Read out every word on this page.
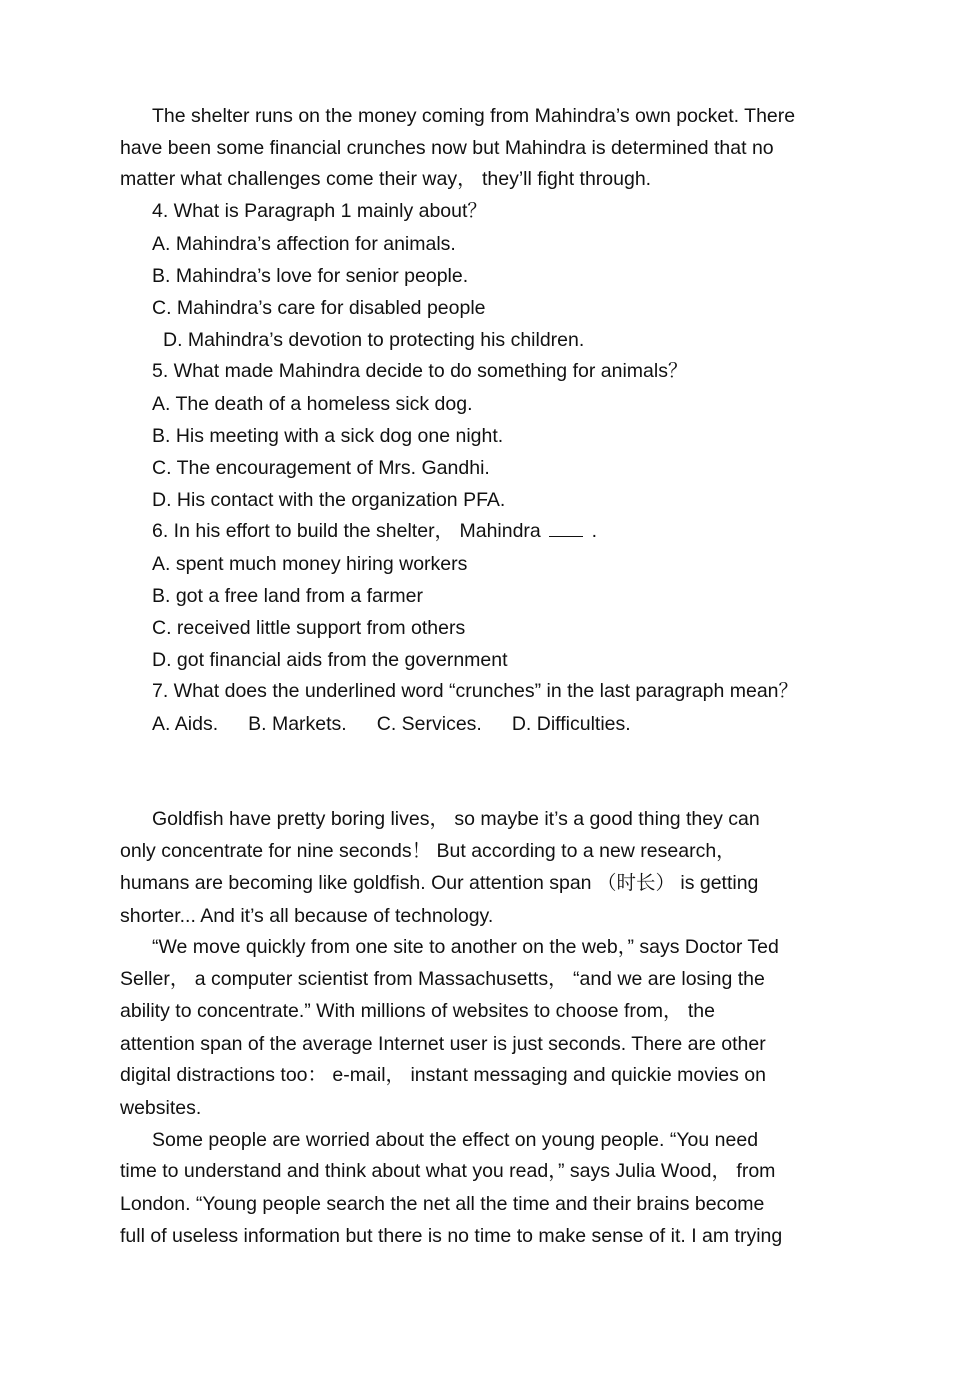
The shelter runs on the money coming from Mahindra’s own pocket. There
have been some financial crunches now but Mahindra is determined that no
matter what challenges come their way， they’ll fight through.
4. What is Paragraph 1 mainly about？
A. Mahindra’s affection for animals.
B. Mahindra’s love for senior people.
C. Mahindra’s care for disabled people
D. Mahindra’s devotion to protecting his children.
5. What made Mahindra decide to do something for animals？
A. The death of a homeless sick dog.
B. His meeting with a sick dog one night.
C. The encouragement of Mrs. Gandhi.
D. His contact with the organization PFA.
6. In his effort to build the shelter， Mahindra	.
A. spent much money hiring workers
B. got a free land from a farmer
C. received little support from others
D. got financial aids from the government
7. What does the underlined word “crunches” in the last paragraph mean？
A. Aids. B. Markets. C. Services. D. Difficulties.
Goldfish have pretty boring lives， so maybe it’s a good thing they can
only concentrate for nine seconds！ But according to a new research，
humans are becoming like goldfish. Our attention span （时长） is getting
shorter... And it’s all because of technology.
“We move quickly from one site to another on the web，” says Doctor Ted
Seller， a computer scientist from Massachusetts， “and we are losing the
ability to concentrate.” With millions of websites to choose from， the
attention span of the average Internet user is just seconds. There are other
digital distractions too： e-mail， instant messaging and quickie movies on
websites.
Some people are worried about the effect on young people. “You need
time to understand and think about what you read，” says Julia Wood， from
London. “Young people search the net all the time and their brains become
full of useless information but there is no time to make sense of it. I am trying
